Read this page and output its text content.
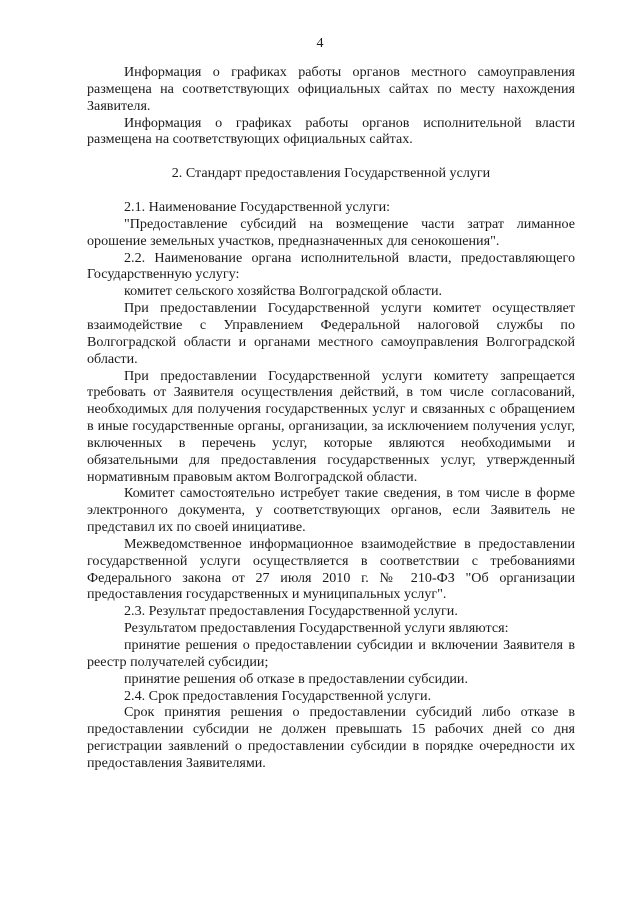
4

Информация о графиках работы органов местного самоуправления размещена на соответствующих официальных сайтах по месту нахождения Заявителя.

Информация о графиках работы органов исполнительной власти размещена на соответствующих официальных сайтах.

2. Стандарт предоставления Государственной услуги

2.1. Наименование Государственной услуги:

"Предоставление субсидий на возмещение части затрат лиманное орошение земельных участков, предназначенных для сенокошения".

2.2. Наименование органа исполнительной власти, предоставляющего Государственную услугу:

комитет сельского хозяйства Волгоградской области.

При предоставлении Государственной услуги комитет осуществляет взаимодействие с Управлением Федеральной налоговой службы по Волгоградской области и органами местного самоуправления Волгоградской области.

При предоставлении Государственной услуги комитету запрещается требовать от Заявителя осуществления действий, в том числе согласований, необходимых для получения государственных услуг и связанных с обращением в иные государственные органы, организации, за исключением получения услуг, включенных в перечень услуг, которые являются необходимыми и обязательными для предоставления государственных услуг, утвержденный нормативным правовым актом Волгоградской области.

Комитет самостоятельно истребует такие сведения, в том числе в форме электронного документа, у соответствующих органов, если Заявитель не представил их по своей инициативе.

Межведомственное информационное взаимодействие в предоставлении государственной услуги осуществляется в соответствии с требованиями Федерального закона от 27 июля 2010 г. № 210-ФЗ "Об организации предоставления государственных и муниципальных услуг".

2.3. Результат предоставления Государственной услуги.

Результатом предоставления Государственной услуги являются:

принятие решения о предоставлении субсидии и включении Заявителя в реестр получателей субсидии;

принятие решения об отказе в предоставлении субсидии.

2.4. Срок предоставления Государственной услуги.

Срок принятия решения о предоставлении субсидий либо отказе в предоставлении субсидии не должен превышать 15 рабочих дней со дня регистрации заявлений о предоставлении субсидии в порядке очередности их предоставления Заявителями.
